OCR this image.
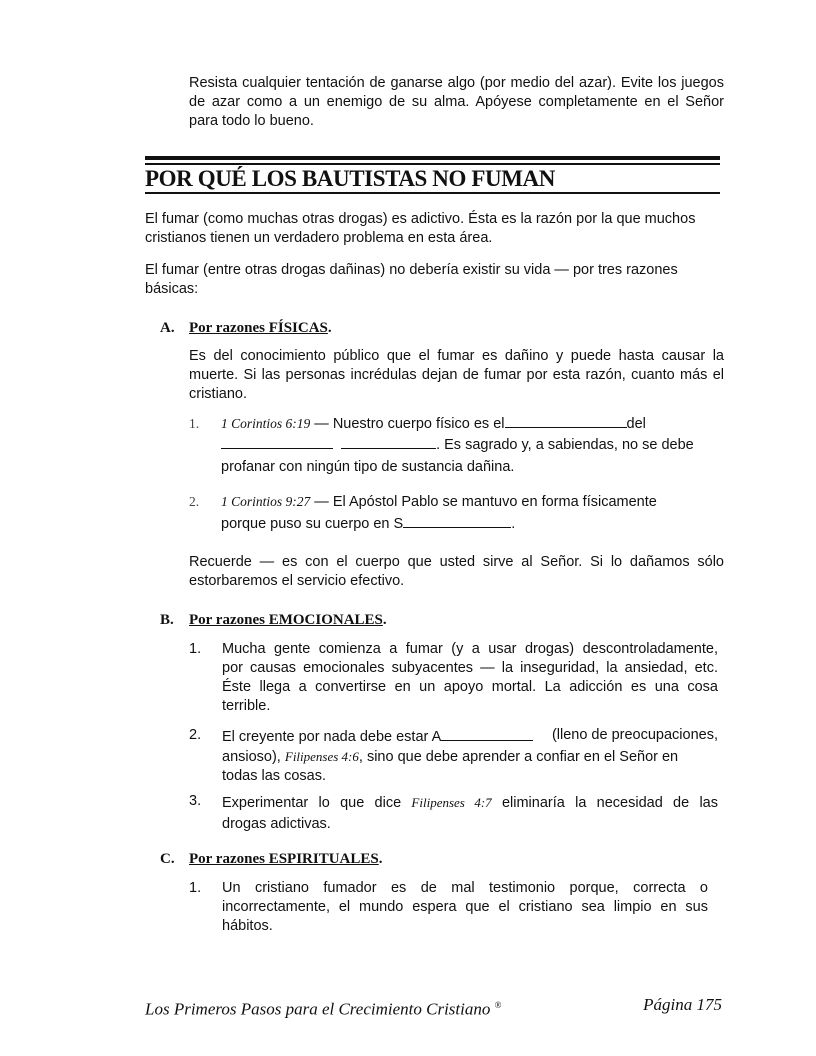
Resista cualquier tentación de ganarse algo (por medio del azar). Evite los juegos
de azar como a un enemigo de su alma. Apóyese completamente en el Señor
para todo lo bueno.
POR QUÉ LOS BAUTISTAS NO FUMAN
El fumar (como muchas otras drogas) es adictivo. Ésta es la razón por la que muchos
cristianos tienen un verdadero problema en esta área.
El fumar (entre otras drogas dañinas) no debería existir su vida — por tres razones
básicas:
A. Por razones FÍSICAS.
Es del conocimiento público que el fumar es dañino y puede hasta causar la
muerte. Si las personas incrédulas dejan de fumar por esta razón, cuanto más el
cristiano.
1. 1 Corintios 6:19 — Nuestro cuerpo físico es el	del
. Es sagrado y, a sabiendas, no se debe
profanar con ningún tipo de sustancia dañina.
2. 1 Corintios 9:27 — El Apóstol Pablo se mantuvo en forma físicamente
porque puso su cuerpo en S	.
Recuerde — es con el cuerpo que usted sirve al Señor. Si lo dañamos sólo
estorbaremos el servicio efectivo.
B. Por razones EMOCIONALES.
1.	Mucha gente comienza a fumar (y a usar drogas) descontroladamente,
por causas emocionales subyacentes — la inseguridad, la ansiedad, etc.
Éste llega a convertirse en un apoyo mortal. La adicción es una cosa
terrible.
2.	El creyente por nada debe estar A	(lleno de preocupaciones,
ansioso), Filipenses 4:6, sino que debe aprender a confiar en el Señor en
todas las cosas.
3.	Experimentar lo que dice Filipenses 4:7 eliminaría la necesidad de las
drogas adictivas.
C. Por razones ESPIRITUALES.
1.	Un cristiano fumador es de mal testimonio porque, correcta o
incorrectamente, el mundo espera que el cristiano sea limpio en sus
hábitos.
Los Primeros Pasos para el Crecimiento Cristiano ®	Página 175
